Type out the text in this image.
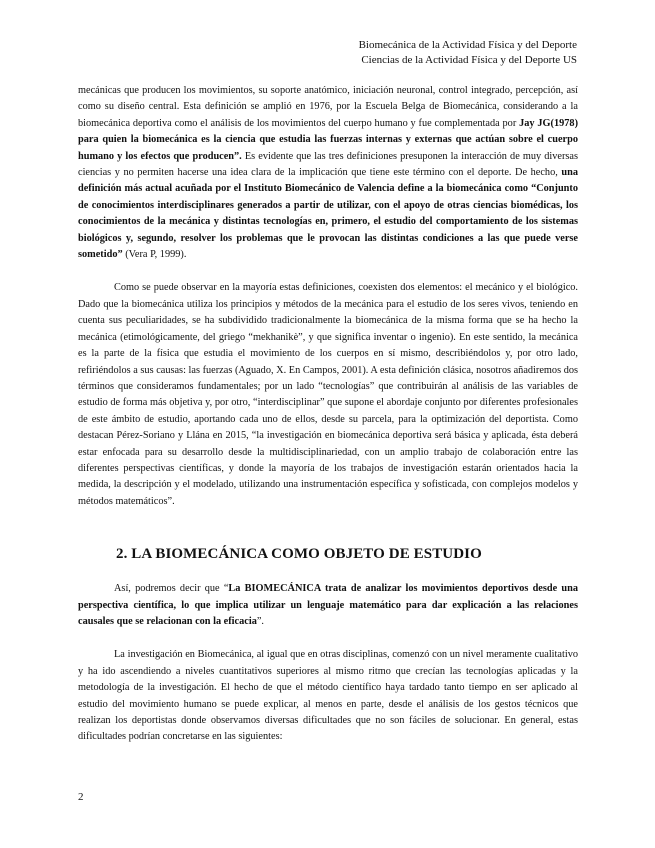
Biomecánica de la Actividad Física y del Deporte
Ciencias de la Actividad Física y del Deporte US

mecánicas que producen los movimientos, su soporte anatómico, iniciación neuronal, control integrado, percepción, así como su diseño central. Esta definición se amplió en 1976, por la Escuela Belga de Biomecánica, considerando a la biomecánica deportiva como el análisis de los movimientos del cuerpo humano y fue complementada por Jay JG(1978) para quien la biomecánica es la ciencia que estudia las fuerzas internas y externas que actúan sobre el cuerpo humano y los efectos que producen”. Es evidente que las tres definiciones presuponen la interacción de muy diversas ciencias y no permiten hacerse una idea clara de la implicación que tiene este término con el deporte. De hecho, una definición más actual acuñada por el Instituto Biomecánico de Valencia define a la biomecánica como “Conjunto de conocimientos interdisciplinares generados a partir de utilizar, con el apoyo de otras ciencias biomédicas, los conocimientos de la mecánica y distintas tecnologías en, primero, el estudio del comportamiento de los sistemas biológicos y, segundo, resolver los problemas que le provocan las distintas condiciones a las que puede verse sometido” (Vera P, 1999).

Como se puede observar en la mayoría estas definiciones, coexisten dos elementos: el mecánico y el biológico. Dado que la biomecánica utiliza los principios y métodos de la mecánica para el estudio de los seres vivos, teniendo en cuenta sus peculiaridades, se ha subdividido tradicionalmente la biomecánica de la misma forma que se ha hecho la mecánica (etimológicamente, del griego “mekhanikè”, y que significa inventar o ingenio). En este sentido, la mecánica es la parte de la física que estudia el movimiento de los cuerpos en sí mismo, describiéndolos y, por otro lado, refiriéndolos a sus causas: las fuerzas (Aguado, X. En Campos, 2001). A esta definición clásica, nosotros añadiremos dos términos que consideramos fundamentales; por un lado “tecnologías” que contribuirán al análisis de las variables de estudio de forma más objetiva y, por otro, “interdisciplinar” que supone el abordaje conjunto por diferentes profesionales de este ámbito de estudio, aportando cada uno de ellos, desde su parcela, para la optimización del deportista. Como destacan Pérez-Soriano y Llána en 2015, “la investigación en biomecánica deportiva será básica y aplicada, ésta deberá estar enfocada para su desarrollo desde la multidisciplinariedad, con un amplio trabajo de colaboración entre las diferentes perspectivas científicas, y donde la mayoría de los trabajos de investigación estarán orientados hacia la medida, la descripción y el modelado, utilizando una instrumentación específica y sofisticada, con complejos modelos y métodos matemáticos”.

2. LA BIOMECÁNICA COMO OBJETO DE ESTUDIO

Así, podremos decir que “La BIOMECÁNICA trata de analizar los movimientos deportivos desde una perspectiva científica, lo que implica utilizar un lenguaje matemático para dar explicación a las relaciones causales que se relacionan con la eficacia”.

La investigación en Biomecánica, al igual que en otras disciplinas, comenzó con un nivel meramente cualitativo y ha ido ascendiendo a niveles cuantitativos superiores al mismo ritmo que crecían las tecnologías aplicadas y la metodología de la investigación. El hecho de que el método científico haya tardado tanto tiempo en ser aplicado al estudio del movimiento humano se puede explicar, al menos en parte, desde el análisis de los gestos técnicos que realizan los deportistas donde observamos diversas dificultades que no son fáciles de solucionar. En general, estas dificultades podrían concretarse en las siguientes:

2
